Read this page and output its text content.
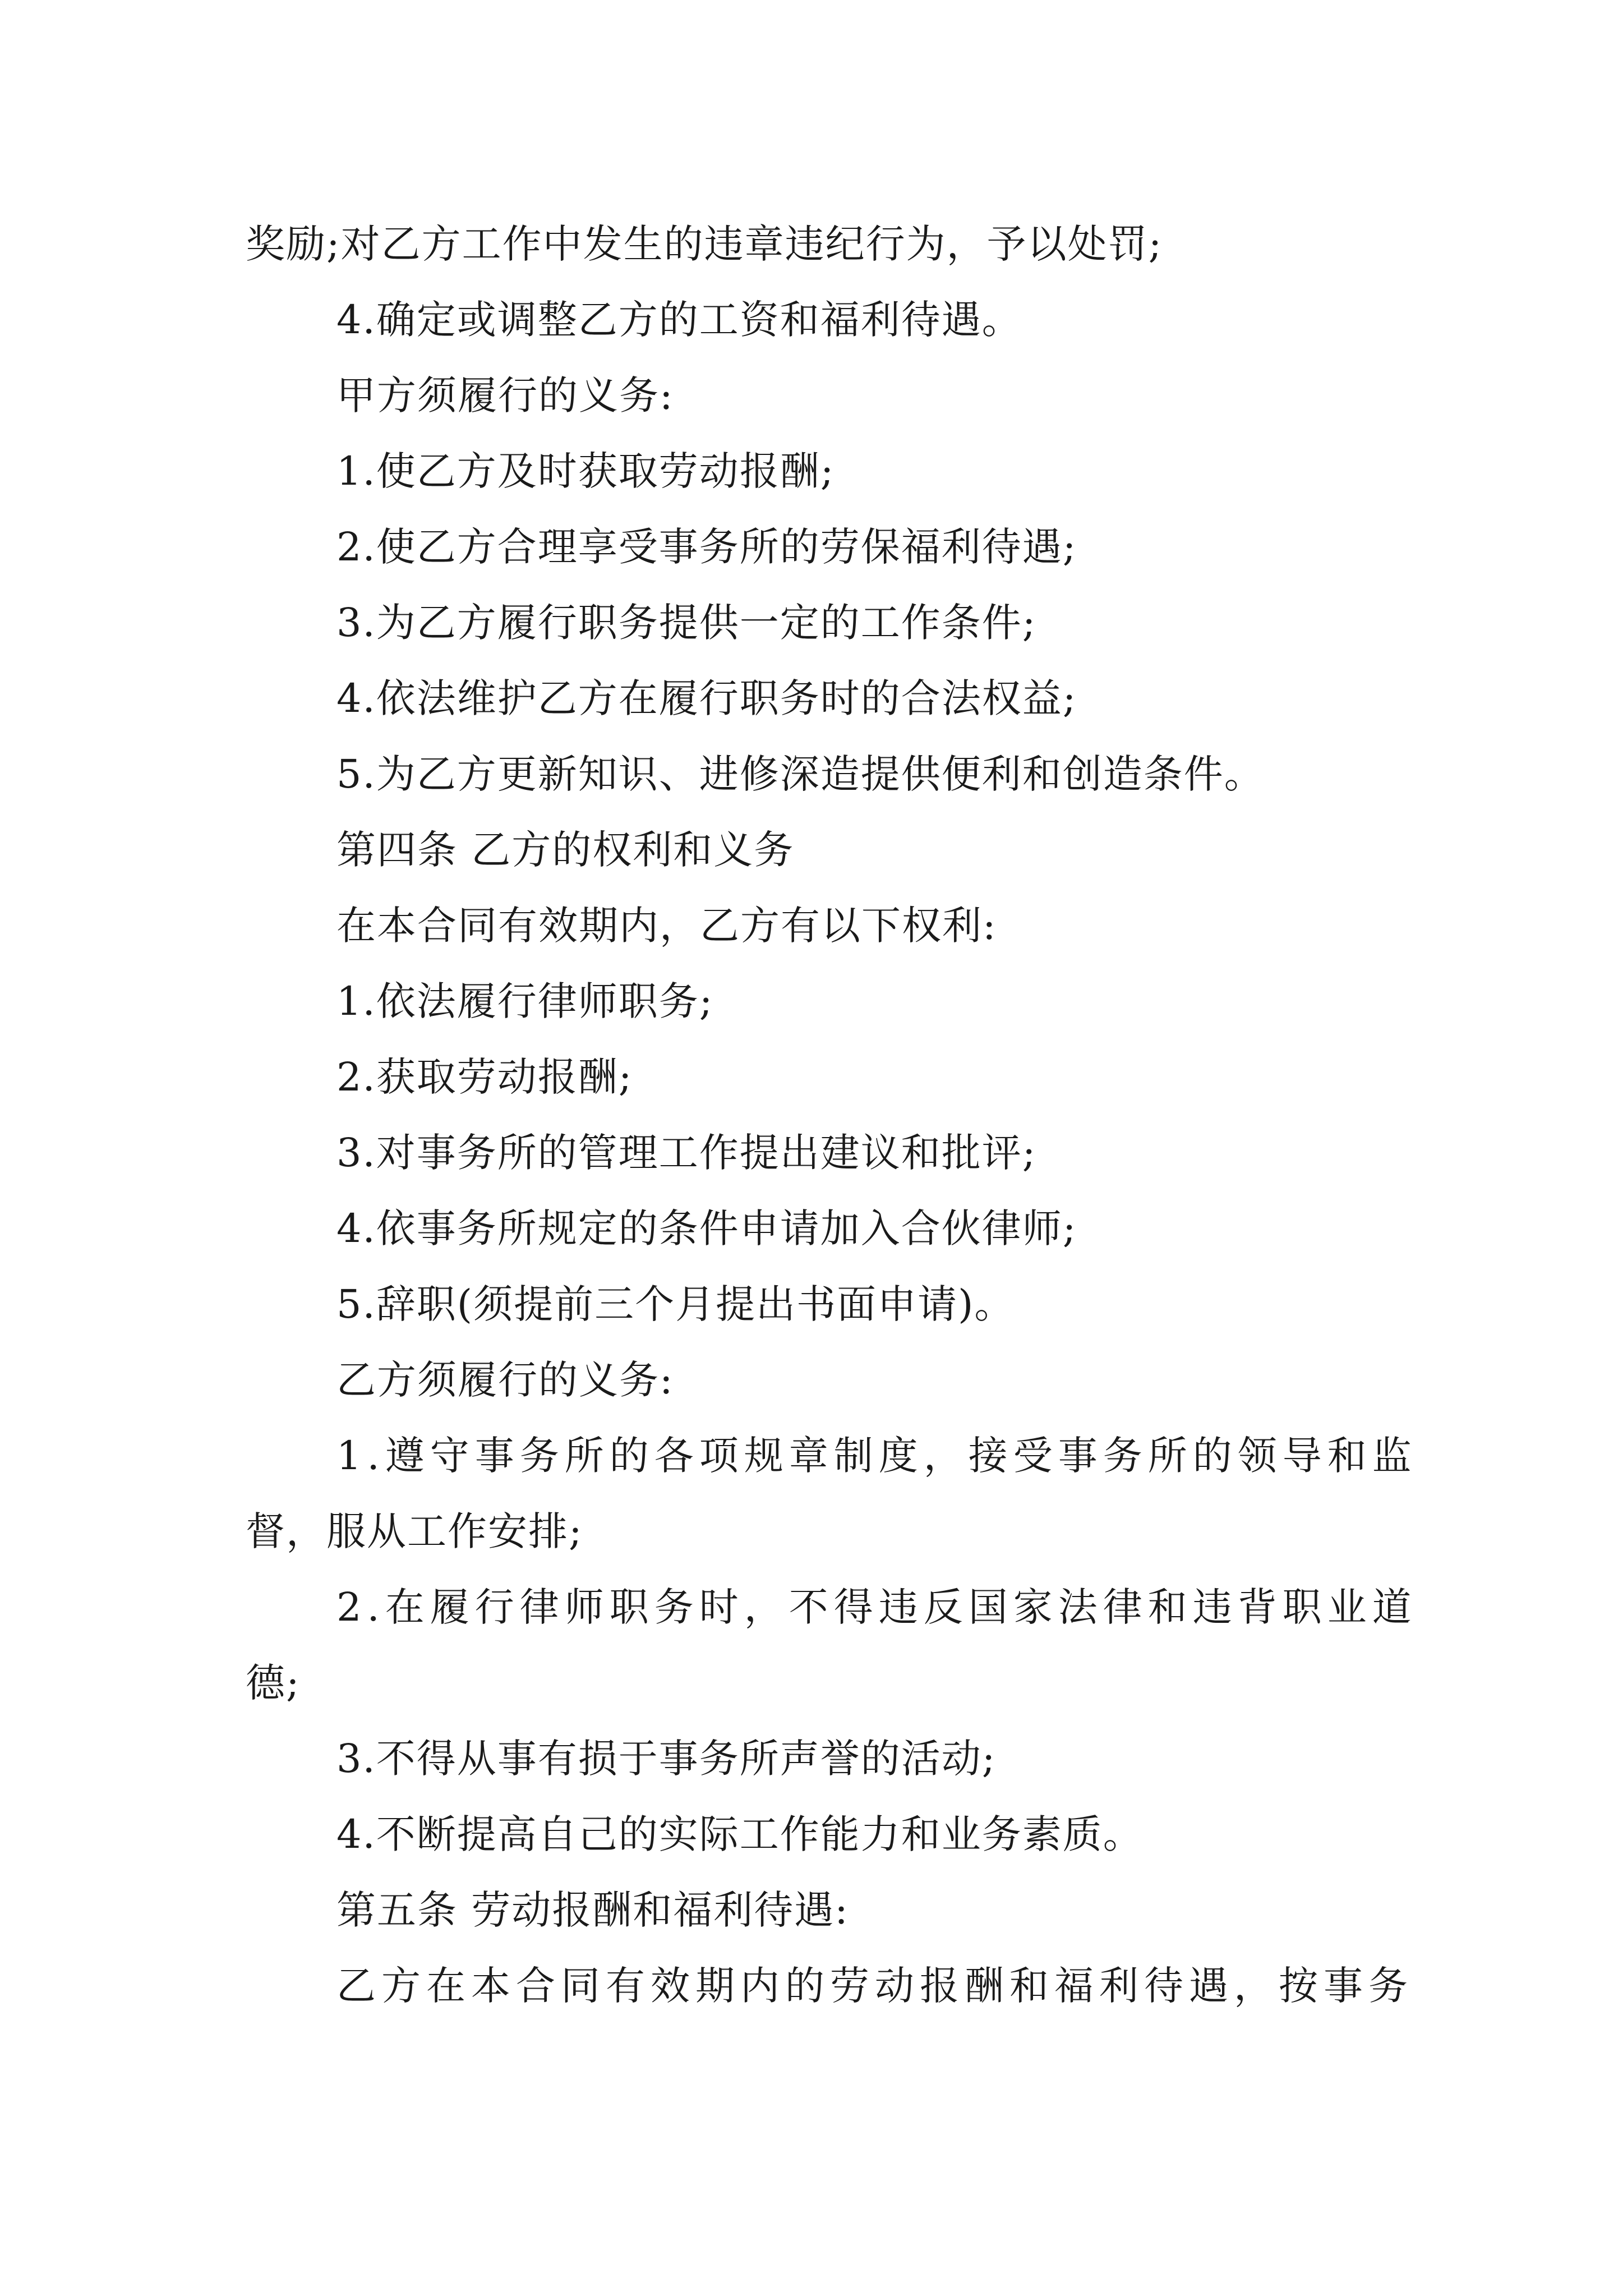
奖励;对乙方工作中发生的违章违纪行为，予以处罚;
4.确定或调整乙方的工资和福利待遇。
甲方须履行的义务:
1.使乙方及时获取劳动报酬;
2.使乙方合理享受事务所的劳保福利待遇;
3.为乙方履行职务提供一定的工作条件;
4.依法维护乙方在履行职务时的合法权益;
5.为乙方更新知识、进修深造提供便利和创造条件。
第四条 乙方的权利和义务
在本合同有效期内，乙方有以下权利:
1.依法履行律师职务;
2.获取劳动报酬;
3.对事务所的管理工作提出建议和批评;
4.依事务所规定的条件申请加入合伙律师;
5.辞职(须提前三个月提出书面申请)。
乙方须履行的义务:
1.遵守事务所的各项规章制度，接受事务所的领导和监
督，服从工作安排;
2.在履行律师职务时，不得违反国家法律和违背职业道
德;
3.不得从事有损于事务所声誉的活动;
4.不断提高自己的实际工作能力和业务素质。
第五条 劳动报酬和福利待遇:
乙方在本合同有效期内的劳动报酬和福利待遇，按事务
